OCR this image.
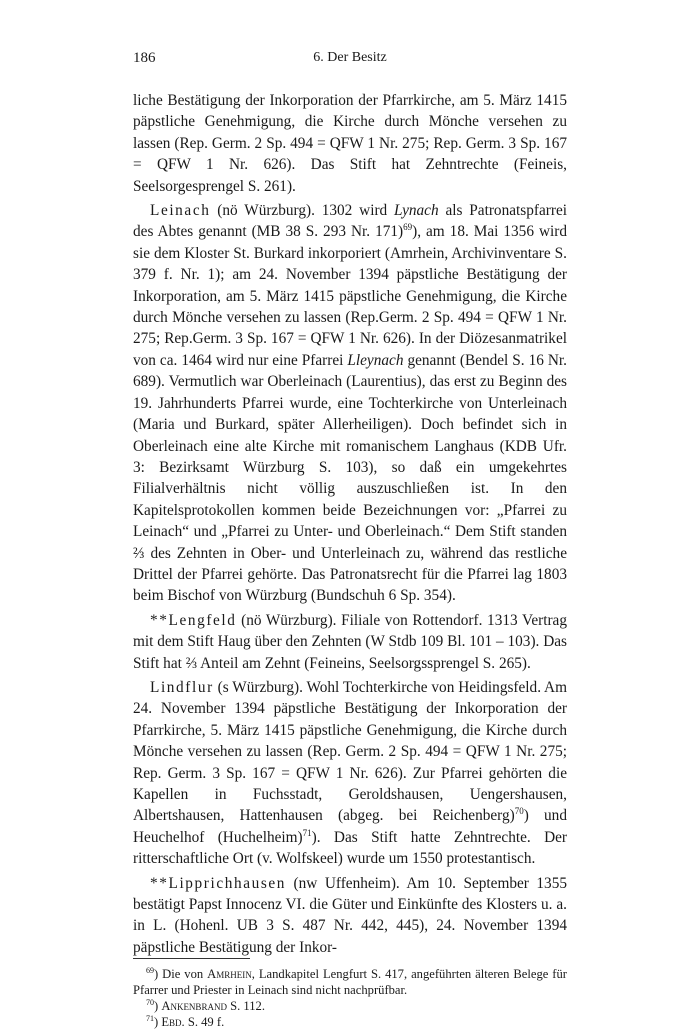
186	6. Der Besitz

liche Bestätigung der Inkorporation der Pfarrkirche, am 5. März 1415 päpstliche Genehmigung, die Kirche durch Mönche versehen zu lassen (Rep. Germ. 2 Sp. 494 = QFW 1 Nr. 275; Rep. Germ. 3 Sp. 167 = QFW 1 Nr. 626). Das Stift hat Zehntrechte (Feineis, Seelsorgesprengel S. 261).

Leinach (nö Würzburg). 1302 wird Lynach als Patronatspfarrei des Abtes genannt (MB 38 S. 293 Nr. 171)$^{69}$), am 18. Mai 1356 wird sie dem Kloster St. Burkard inkorporiert (Amrhein, Archivinventare S. 379 f. Nr. 1); am 24. November 1394 päpstliche Bestätigung der Inkorporation, am 5. März 1415 päpstliche Genehmigung, die Kirche durch Mönche versehen zu lassen (Rep.Germ. 2 Sp. 494 = QFW 1 Nr. 275; Rep.Germ. 3 Sp. 167 = QFW 1 Nr. 626). In der Diözesanmatrikel von ca. 1464 wird nur eine Pfarrei Lleynach genannt (Bendel S. 16 Nr. 689). Vermutlich war Oberleinach (Laurentius), das erst zu Beginn des 19. Jahrhunderts Pfarrei wurde, eine Tochterkirche von Unterleinach (Maria und Burkard, später Allerheiligen). Doch befindet sich in Oberleinach eine alte Kirche mit romanischem Langhaus (KDB Ufr. 3: Bezirksamt Würzburg S. 103), so daß ein umgekehrtes Filialverhältnis nicht völlig auszuschließen ist. In den Kapitelsprotokollen kommen beide Bezeichnungen vor: „Pfarrei zu Leinach“ und „Pfarrei zu Unter- und Oberleinach.“ Dem Stift standen ⅔ des Zehnten in Ober- und Unterleinach zu, während das restliche Drittel der Pfarrei gehörte. Das Patronatsrecht für die Pfarrei lag 1803 beim Bischof von Würzburg (Bundschuh 6 Sp. 354).

**Lengfeld (nö Würzburg). Filiale von Rottendorf. 1313 Vertrag mit dem Stift Haug über den Zehnten (W Stdb 109 Bl. 101 – 103). Das Stift hat ⅔ Anteil am Zehnt (Feineins, Seelsorgssprengel S. 265).

Lindflur (s Würzburg). Wohl Tochterkirche von Heidingsfeld. Am 24. November 1394 päpstliche Bestätigung der Inkorporation der Pfarrkirche, 5. März 1415 päpstliche Genehmigung, die Kirche durch Mönche versehen zu lassen (Rep. Germ. 2 Sp. 494 = QFW 1 Nr. 275; Rep. Germ. 3 Sp. 167 = QFW 1 Nr. 626). Zur Pfarrei gehörten die Kapellen in Fuchsstadt, Geroldshausen, Uengershausen, Albertshausen, Hattenhausen (abgeg. bei Reichenberg)$^{70}$) und Heuchelhof (Huchelheim)$^{71}$). Das Stift hatte Zehntrechte. Der ritterschaftliche Ort (v. Wolfskeel) wurde um 1550 protestantisch.

**Lipprichhausen (nw Uffenheim). Am 10. September 1355 bestätigt Papst Innocenz VI. die Güter und Einkünfte des Klosters u. a. in L. (Hohenl. UB 3 S. 487 Nr. 442, 445), 24. November 1394 päpstliche Bestätigung der Inkor-

$^{69}$) Die von Amrhein, Landkapitel Lengfurt S. 417, angeführten älteren Belege für Pfarrer und Priester in Leinach sind nicht nachprüfbar.

$^{70}$) Ankenbrand S. 112.

$^{71}$) Ebd. S. 49 f.
